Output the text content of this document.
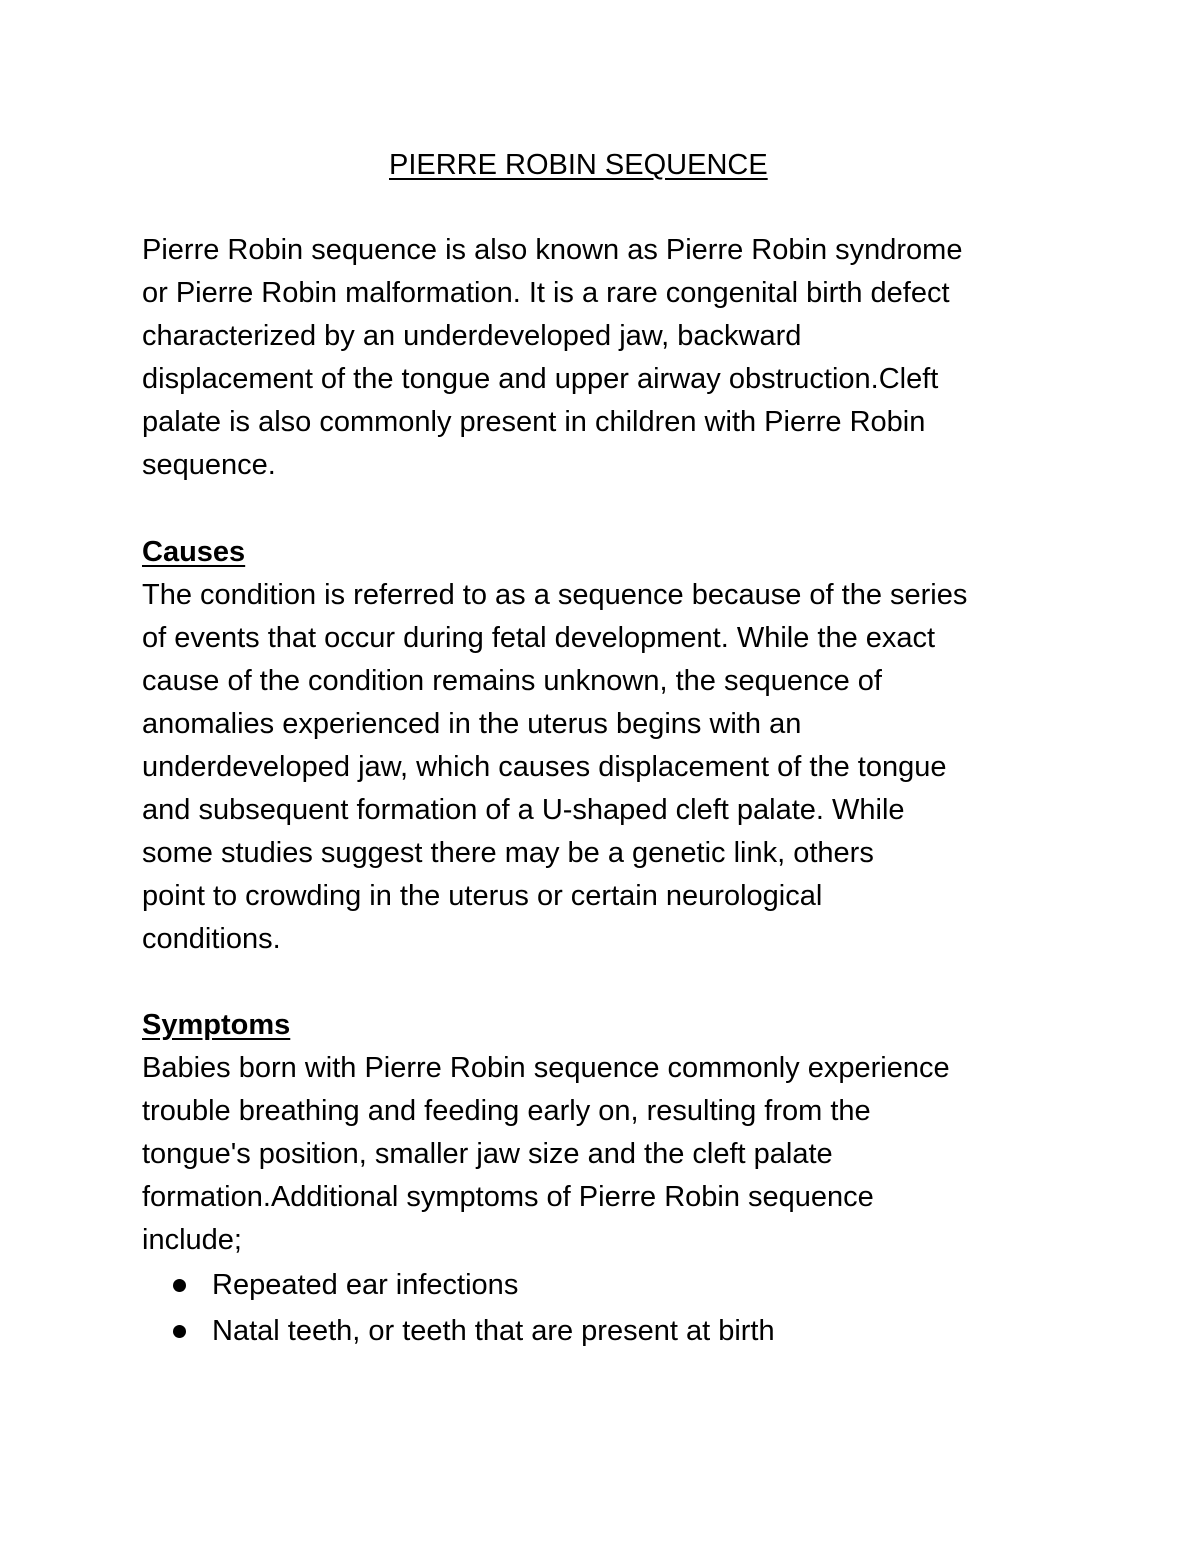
PIERRE ROBIN SEQUENCE
Pierre Robin sequence is also known as Pierre Robin syndrome
or Pierre Robin malformation. It is a rare congenital birth defect
characterized by an underdeveloped jaw, backward
displacement of the tongue and upper airway obstruction.Cleft
palate is also commonly present in children with Pierre Robin
sequence.
Causes
The condition is referred to as a sequence because of the series
of events that occur during fetal development. While the exact
cause of the condition remains unknown, the sequence of
anomalies experienced in the uterus begins with an
underdeveloped jaw, which causes displacement of the tongue
and subsequent formation of a U-shaped cleft palate. While
some studies suggest there may be a genetic link, others
point to crowding in the uterus or certain neurological
conditions.
Symptoms
Babies born with Pierre Robin sequence commonly experience
trouble breathing and feeding early on, resulting from the
tongue's position, smaller jaw size and the cleft palate
formation.Additional symptoms of Pierre Robin sequence
include;
Repeated ear infections
Natal teeth, or teeth that are present at birth
